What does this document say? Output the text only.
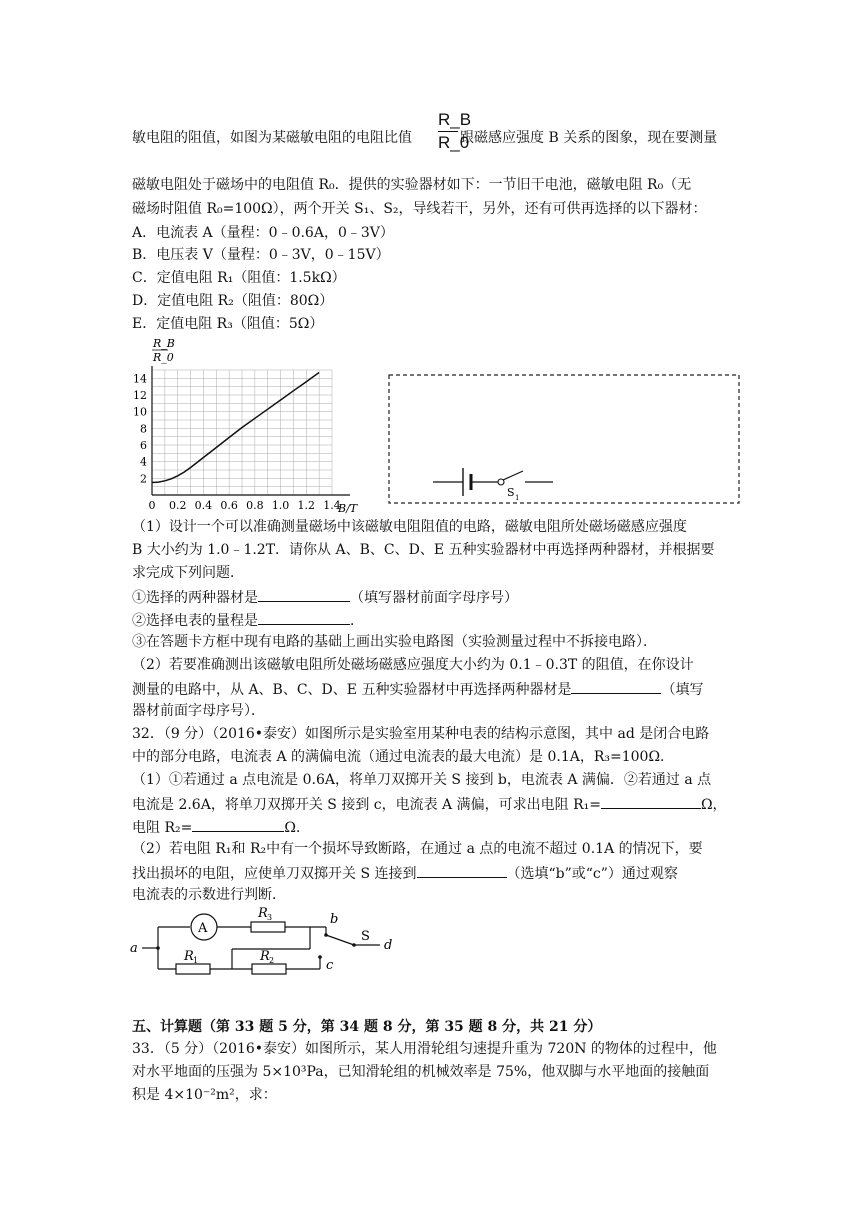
敏电阻的阻值，如图为某磁敏电阻的电阻比值 $\frac{R\_B}{R\_0}$ 跟磁感应强度 B 关系的图象，现在要测量
磁敏电阻处于磁场中的电阻值 R₀．提供的实验器材如下：一节旧干电池，磁敏电阻 R₀（无
磁场时阻值 R₀=100Ω），两个开关 S₁、S₂，导线若干，另外，还有可供再选择的以下器材：
A．电流表 A（量程：0﹣0.6A，0﹣3V）
B．电压表 V（量程：0﹣3V，0﹣15V）
C．定值电阻 R₁（阻值：1.5kΩ）
D．定值电阻 R₂（阻值：80Ω）
E．定值电阻 R₃（阻值：5Ω）
0 0.2 0.4 0.6 0.8 1.0 1.2 1.4
2
4
6
8
10
12
14
R_B
R_0
B/T
S 1
（1）设计一个可以准确测量磁场中该磁敏电阻阻值的电路，磁敏电阻所处磁场磁感应强度
B 大小约为 1.0﹣1.2T．请你从 A、B、C、D、E 五种实验器材中再选择两种器材，并根据要
求完成下列问题．
①选择的两种器材是	（填写器材前面字母序号）
②选择电表的量程是	．
③在答题卡方框中现有电路的基础上画出实验电路图（实验测量过程中不拆接电路）．
（2）若要准确测出该磁敏电阻所处磁场磁感应强度大小约为 0.1﹣0.3T 的阻值，在你设计
测量的电路中，从 A、B、C、D、E 五种实验器材中再选择两种器材是	（填写
器材前面字母序号）．
32．（9 分）（2016•泰安）如图所示是实验室用某种电表的结构示意图，其中 ad 是闭合电路
中的部分电路，电流表 A 的满偏电流（通过电流表的最大电流）是 0.1A，R₃=100Ω．
（1）①若通过 a 点电流是 0.6A，将单刀双掷开关 S 接到 b，电流表 A 满偏．②若通过 a 点
电流是 2.6A，将单刀双掷开关 S 接到 c，电流表 A 满偏，可求出电阻 R₁=	Ω，
电阻 R₂=	Ω．
（2）若电阻 R₁和 R₂中有一个损坏导致断路，在通过 a 点的电流不超过 0.1A 的情况下，要
找出损坏的电阻，应使单刀双掷开关 S 连接到	（选填“b”或“c”）通过观察
电流表的示数进行判断．
A
a
b
c
d
S
R 3
R 1	R 2
五、计算题（第 33 题 5 分，第 34 题 8 分，第 35 题 8 分，共 21 分）
33．（5 分）（2016•泰安）如图所示，某人用滑轮组匀速提升重为 720N 的物体的过程中，他
对水平地面的压强为 5×10³Pa，已知滑轮组的机械效率是 75%，他双脚与水平地面的接触面
积是 4×10⁻²m²，求：
